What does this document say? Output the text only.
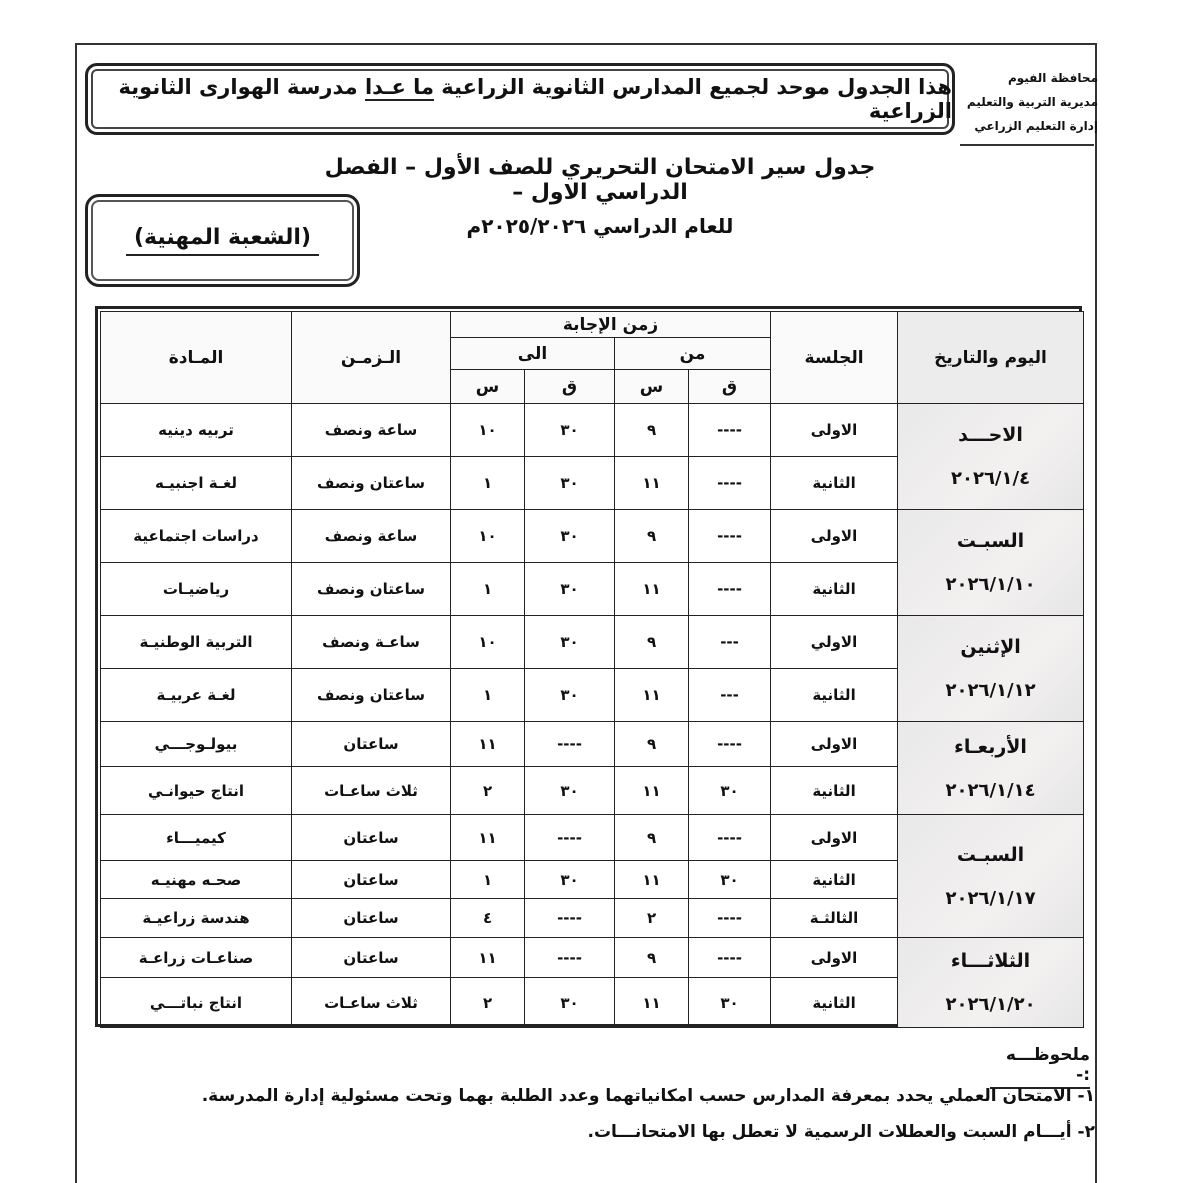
محافظة الفيوم
مديرية التربية والتعليم
إدارة التعليم الزراعي
هذا الجدول موحد لجميع المدارس الثانوية الزراعية ما عـدا مدرسة الهوارى الثانوية الزراعية
جدول سير الامتحان التحريري للصف الأول – الفصل الدراسي الاول –
للعام الدراسي ٢٠٢٥/٢٠٢٦م
(الشعبة المهنية)
اليوم والتاريخ	الجلسة	زمن الإجابة				الـزمـن	المـادة
		من		الى			
		ق	س	ق	س		

الاحـــد
٢٠٢٦/١/٤	الاولى	----	٩	٣٠	١٠	ساعة ونصف	تربيه دينيه
	الثانية	----	١١	٣٠	١	ساعتان ونصف	لغـة اجنبيـه

السبـت
٢٠٢٦/١/١٠	الاولى	----	٩	٣٠	١٠	ساعة ونصف	دراسات اجتماعية
	الثانية	----	١١	٣٠	١	ساعتان ونصف	رياضيـات

الإثنين
٢٠٢٦/١/١٢	الاولي	---	٩	٣٠	١٠	ساعـة ونصف	التربية الوطنيـة
	الثانية	---	١١	٣٠	١	ساعتان ونصف	لغـة عربيـة

الأربعـاء
٢٠٢٦/١/١٤	الاولى	----	٩	----	١١	ساعتان	بيولـوجـــي
	الثانية	٣٠	١١	٣٠	٢	ثلاث ساعـات	انتاج حيوانـي

السبـت
٢٠٢٦/١/١٧	الاولى	----	٩	----	١١	ساعتان	كيميـــاء
	الثانية	٣٠	١١	٣٠	١	ساعتان	صحـه مهنيـه
	الثالثـة	----	٢	----	٤	ساعتان	هندسة زراعيـة

الثلاثـــاء
٢٠٢٦/١/٢٠	الاولى	----	٩	----	١١	ساعتان	صناعـات زراعـة
	الثانية	٣٠	١١	٣٠	٢	ثلاث ساعـات	انتاج نباتـــي
ملحوظـــه :-
١- الامتحان العملي يحدد بمعرفة المدارس حسب امكانياتهما وعدد الطلبة بهما وتحت مسئولية إدارة المدرسة.
٢- أيـــام السبت والعطلات الرسمية لا تعطل بها الامتحانـــات.
